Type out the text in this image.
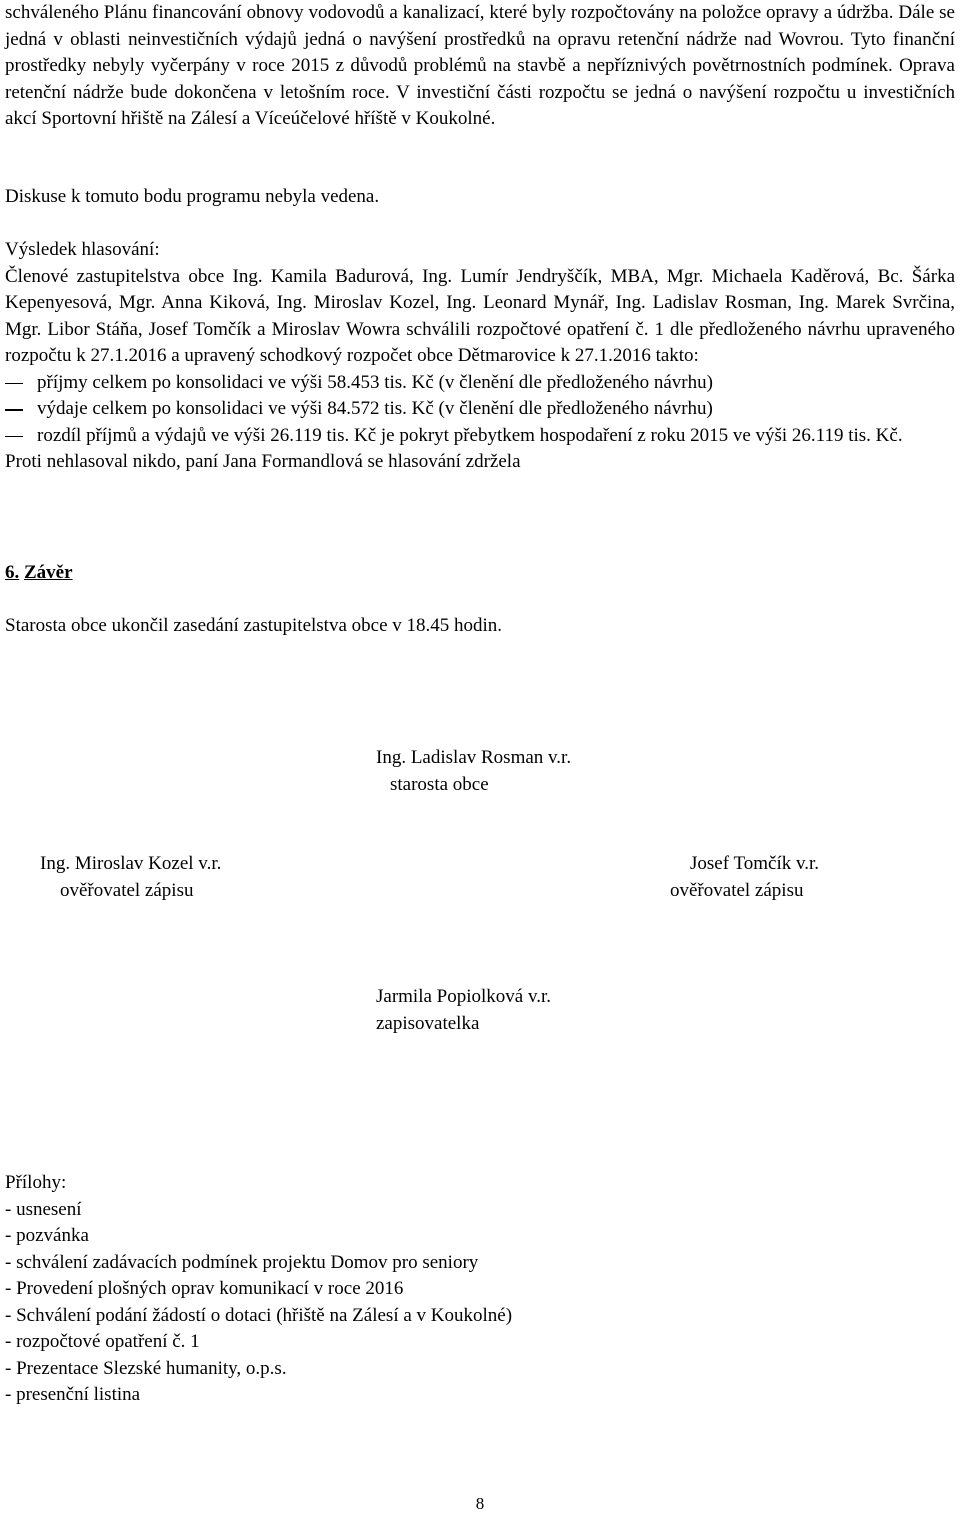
schváleného Plánu financování obnovy vodovodů a kanalizací, které byly rozpočtovány na položce opravy a údržba. Dále se jedná v oblasti neinvestičních výdajů jedná o navýšení prostředků na opravu retenční nádrže nad Wovrou. Tyto finanční prostředky nebyly vyčerpány v roce 2015 z důvodů problémů na stavbě a nepříznivých povětrnostních podmínek. Oprava retenční nádrže bude dokončena v letošním roce. V investiční části rozpočtu se jedná o navýšení rozpočtu u investičních akcí Sportovní hřiště na Zálesí a Víceúčelové hříště v Koukolné.

Diskuse k tomuto bodu programu nebyla vedena.

Výsledek hlasování:

Členové zastupitelstva obce Ing. Kamila Badurová, Ing. Lumír Jendryščík, MBA, Mgr. Michaela Kaděrová, Bc. Šárka Kepenyesová, Mgr. Anna Kiková, Ing. Miroslav Kozel, Ing. Leonard Mynář, Ing. Ladislav Rosman, Ing. Marek Svrčina, Mgr. Libor Stáňa, Josef Tomčík a Miroslav Wowra schválili rozpočtové opatření č. 1 dle předloženého návrhu upraveného rozpočtu k 27.1.2016 a upravený schodkový rozpočet obce Dětmarovice k 27.1.2016 takto:

příjmy celkem po konsolidaci ve výši 58.453 tis. Kč (v členění dle předloženého návrhu)
výdaje celkem po konsolidaci ve výši 84.572 tis. Kč (v členění dle předloženého návrhu)
rozdíl příjmů a výdajů ve výši 26.119 tis. Kč je pokryt přebytkem hospodaření z roku 2015 ve výši 26.119 tis. Kč.

Proti nehlasoval nikdo, paní Jana Formandlová se hlasování zdržela

6. Závěr

Starosta obce ukončil zasedání zastupitelstva obce v 18.45 hodin.

Ing. Ladislav Rosman v.r.
starosta obce
Ing. Miroslav Kozel v.r.
ověřovatel zápisu
Josef Tomčík v.r.
ověřovatel zápisu
Jarmila Popiolková v.r.
zapisovatelka

Přílohy:

- usnesení
- pozvánka
- schválení zadávacích podmínek projektu Domov pro seniory
- Provedení plošných oprav komunikací v roce 2016
- Schválení podání žádostí o dotaci (hřiště na Zálesí a v Koukolné)
- rozpočtové opatření č. 1
- Prezentace Slezské humanity, o.p.s.
- presenční listina
8
